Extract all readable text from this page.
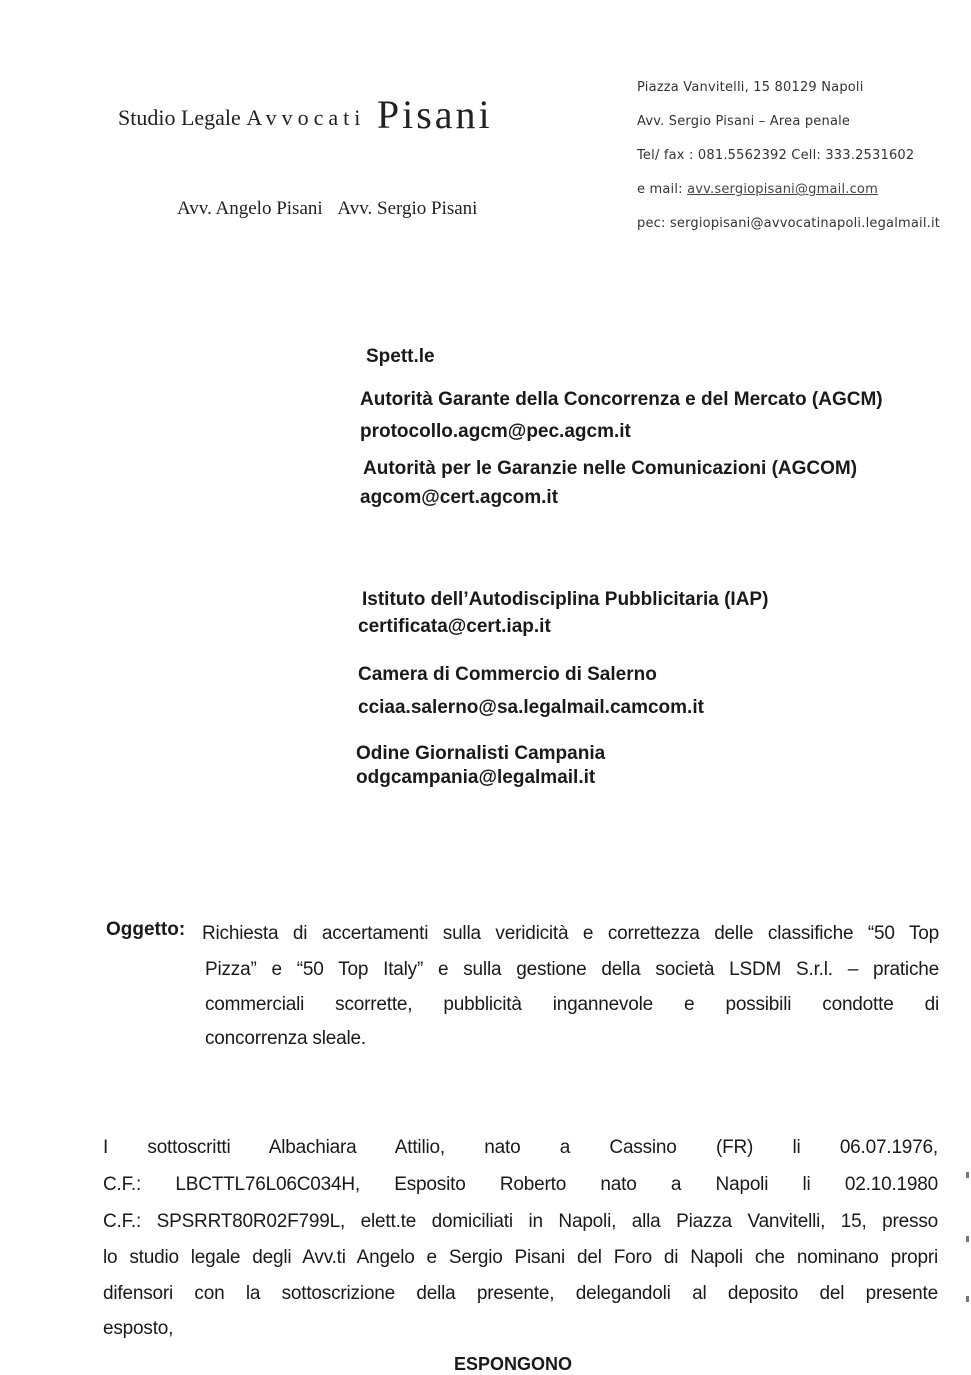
Studio Legale Avvocati Pisani
Avv. Angelo Pisani Avv. Sergio Pisani
Piazza Vanvitelli, 15 80129 Napoli
Avv. Sergio Pisani – Area penale
Tel/ fax : 081.5562392 Cell: 333.2531602
e mail: avv.sergiopisani@gmail.com
pec: sergiopisani@avvocatinapoli.legalmail.it
Spett.le
Autorità Garante della Concorrenza e del Mercato (AGCM)
protocollo.agcm@pec.agcm.it
Autorità per le Garanzie nelle Comunicazioni (AGCOM)
agcom@cert.agcom.it
Istituto dell’Autodisciplina Pubblicitaria (IAP)
certificata@cert.iap.it
Camera di Commercio di Salerno
cciaa.salerno@sa.legalmail.camcom.it
Odine Giornalisti Campania
odgcampania@legalmail.it
Oggetto: Richiesta di accertamenti sulla veridicità e correttezza delle classifiche “50 Top
Pizza” e “50 Top Italy” e sulla gestione della società LSDM S.r.l. – pratiche
commerciali scorrette, pubblicità ingannevole e possibili condotte di
concorrenza sleale.
I sottoscritti Albachiara Attilio, nato a Cassino (FR) li 06.07.1976,
C.F.: LBCTTL76L06C034H, Esposito Roberto nato a Napoli li 02.10.1980
C.F.: SPSRRT80R02F799L, elett.te domiciliati in Napoli, alla Piazza Vanvitelli, 15, presso
lo studio legale degli Avv.ti Angelo e Sergio Pisani del Foro di Napoli che nominano propri
difensori con la sottoscrizione della presente, delegandoli al deposito del presente
esposto,
ESPONGONO
